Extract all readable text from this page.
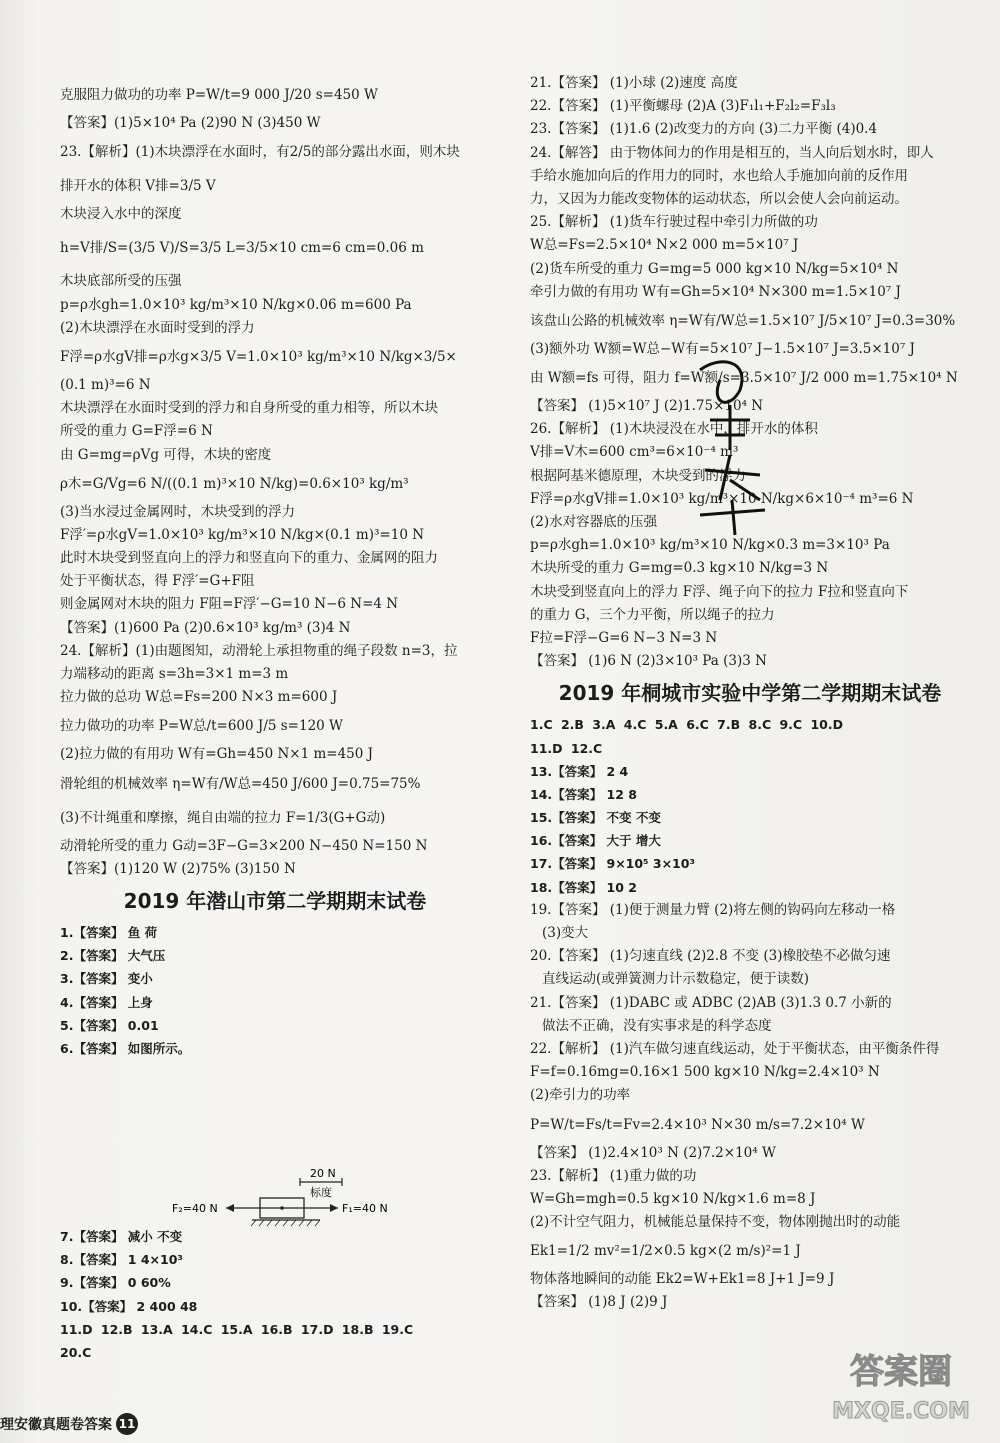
克服阻力做功的功率 P=W/t=9 000 J/20 s=450 W
【答案】(1)5×10⁴ Pa (2)90 N (3)450 W
23.【解析】(1)木块漂浮在水面时，有2/5的部分露出水面，则木块
排开水的体积 V排=3/5 V
木块浸入水中的深度
h=V排/S=(3/5 V)/S=3/5 L=3/5×10 cm=6 cm=0.06 m
木块底部所受的压强
p=ρ水gh=1.0×10³ kg/m³×10 N/kg×0.06 m=600 Pa
(2)木块漂浮在水面时受到的浮力
F浮=ρ水gV排=ρ水g×3/5 V=1.0×10³ kg/m³×10 N/kg×3/5×
(0.1 m)³=6 N
木块漂浮在水面时受到的浮力和自身所受的重力相等，所以木块
所受的重力 G=F浮=6 N
由 G=mg=ρVg 可得，木块的密度
ρ木=G/Vg=6 N/((0.1 m)³×10 N/kg)=0.6×10³ kg/m³
(3)当水浸过金属网时，木块受到的浮力
F浮′=ρ水gV=1.0×10³ kg/m³×10 N/kg×(0.1 m)³=10 N
此时木块受到竖直向上的浮力和竖直向下的重力、金属网的阻力
处于平衡状态，得 F浮′=G+F阻
则金属网对木块的阻力 F阻=F浮′−G=10 N−6 N=4 N
【答案】(1)600 Pa (2)0.6×10³ kg/m³ (3)4 N
24.【解析】(1)由题图知，动滑轮上承担物重的绳子段数 n=3，拉
力端移动的距离 s=3h=3×1 m=3 m
拉力做的总功 W总=Fs=200 N×3 m=600 J
拉力做功的功率 P=W总/t=600 J/5 s=120 W
(2)拉力做的有用功 W有=Gh=450 N×1 m=450 J
滑轮组的机械效率 η=W有/W总=450 J/600 J=0.75=75%
(3)不计绳重和摩擦，绳自由端的拉力 F=1/3(G+G动)
动滑轮所受的重力 G动=3F−G=3×200 N−450 N=150 N
【答案】(1)120 W (2)75% (3)150 N
2019 年潜山市第二学期期末试卷
1.【答案】 鱼 荷
2.【答案】 大气压
3.【答案】 变小
4.【答案】 上身
5.【答案】 0.01
6.【答案】 如图所示。
20 N
标度
F₂=40 N	F₁=40 N
7.【答案】 减小 不变
8.【答案】 1 4×10³
9.【答案】 0 60%
10.【答案】 2 400 48
11.D 12.B 13.A 14.C 15.A 16.B 17.D 18.B 19.C
20.C
21.【答案】 (1)小球 (2)速度 高度
22.【答案】 (1)平衡螺母 (2)A (3)F₁l₁+F₂l₂=F₃l₃
23.【答案】 (1)1.6 (2)改变力的方向 (3)二力平衡 (4)0.4
24.【解答】 由于物体间力的作用是相互的，当人向后划水时，即人
手给水施加向后的作用力的同时，水也给人手施加向前的反作用
力，又因为力能改变物体的运动状态，所以会使人会向前运动。
25.【解析】 (1)货车行驶过程中牵引力所做的功
W总=Fs=2.5×10⁴ N×2 000 m=5×10⁷ J
(2)货车所受的重力 G=mg=5 000 kg×10 N/kg=5×10⁴ N
牵引力做的有用功 W有=Gh=5×10⁴ N×300 m=1.5×10⁷ J
该盘山公路的机械效率 η=W有/W总=1.5×10⁷ J/5×10⁷ J=0.3=30%
(3)额外功 W额=W总−W有=5×10⁷ J−1.5×10⁷ J=3.5×10⁷ J
由 W额=fs 可得，阻力 f=W额/s=3.5×10⁷ J/2 000 m=1.75×10⁴ N
【答案】 (1)5×10⁷ J (2)1.75×10⁴ N
26.【解析】 (1)木块浸没在水中，排开水的体积
V排=V木=600 cm³=6×10⁻⁴ m³
根据阿基米德原理，木块受到的浮力
F浮=ρ水gV排=1.0×10³ kg/m³×10 N/kg×6×10⁻⁴ m³=6 N
(2)水对容器底的压强
p=ρ水gh=1.0×10³ kg/m³×10 N/kg×0.3 m=3×10³ Pa
木块所受的重力 G=mg=0.3 kg×10 N/kg=3 N
木块受到竖直向上的浮力 F浮、绳子向下的拉力 F拉和竖直向下
的重力 G，三个力平衡，所以绳子的拉力
F拉=F浮−G=6 N−3 N=3 N
【答案】 (1)6 N (2)3×10³ Pa (3)3 N
2019 年桐城市实验中学第二学期期末试卷
1.C 2.B 3.A 4.C 5.A 6.C 7.B 8.C 9.C 10.D
11.D 12.C
13.【答案】 2 4
14.【答案】 12 8
15.【答案】 不变 不变
16.【答案】 大于 增大
17.【答案】 9×10⁵ 3×10³
18.【答案】 10 2
19.【答案】 (1)便于测量力臂 (2)将左侧的钩码向左移动一格
(3)变大
20.【答案】 (1)匀速直线 (2)2.8 不变 (3)橡胶垫不必做匀速
直线运动(或弹簧测力计示数稳定，便于读数)
21.【答案】 (1)DABC 或 ADBC (2)AB (3)1.3 0.7 小新的
做法不正确，没有实事求是的科学态度
22.【解析】 (1)汽车做匀速直线运动，处于平衡状态，由平衡条件得
F=f=0.16mg=0.16×1 500 kg×10 N/kg=2.4×10³ N
(2)牵引力的功率
P=W/t=Fs/t=Fv=2.4×10³ N×30 m/s=7.2×10⁴ W
【答案】 (1)2.4×10³ N (2)7.2×10⁴ W
23.【解析】 (1)重力做的功
W=Gh=mgh=0.5 kg×10 N/kg×1.6 m=8 J
(2)不计空气阻力，机械能总量保持不变，物体刚抛出时的动能
Ek1=1/2 mv²=1/2×0.5 kg×(2 m/s)²=1 J
物体落地瞬间的动能 Ek2=W+Ek1=8 J+1 J=9 J
【答案】 (1)8 J (2)9 J
理安徽真题卷答案 11
答案圈
MXQE.COM
